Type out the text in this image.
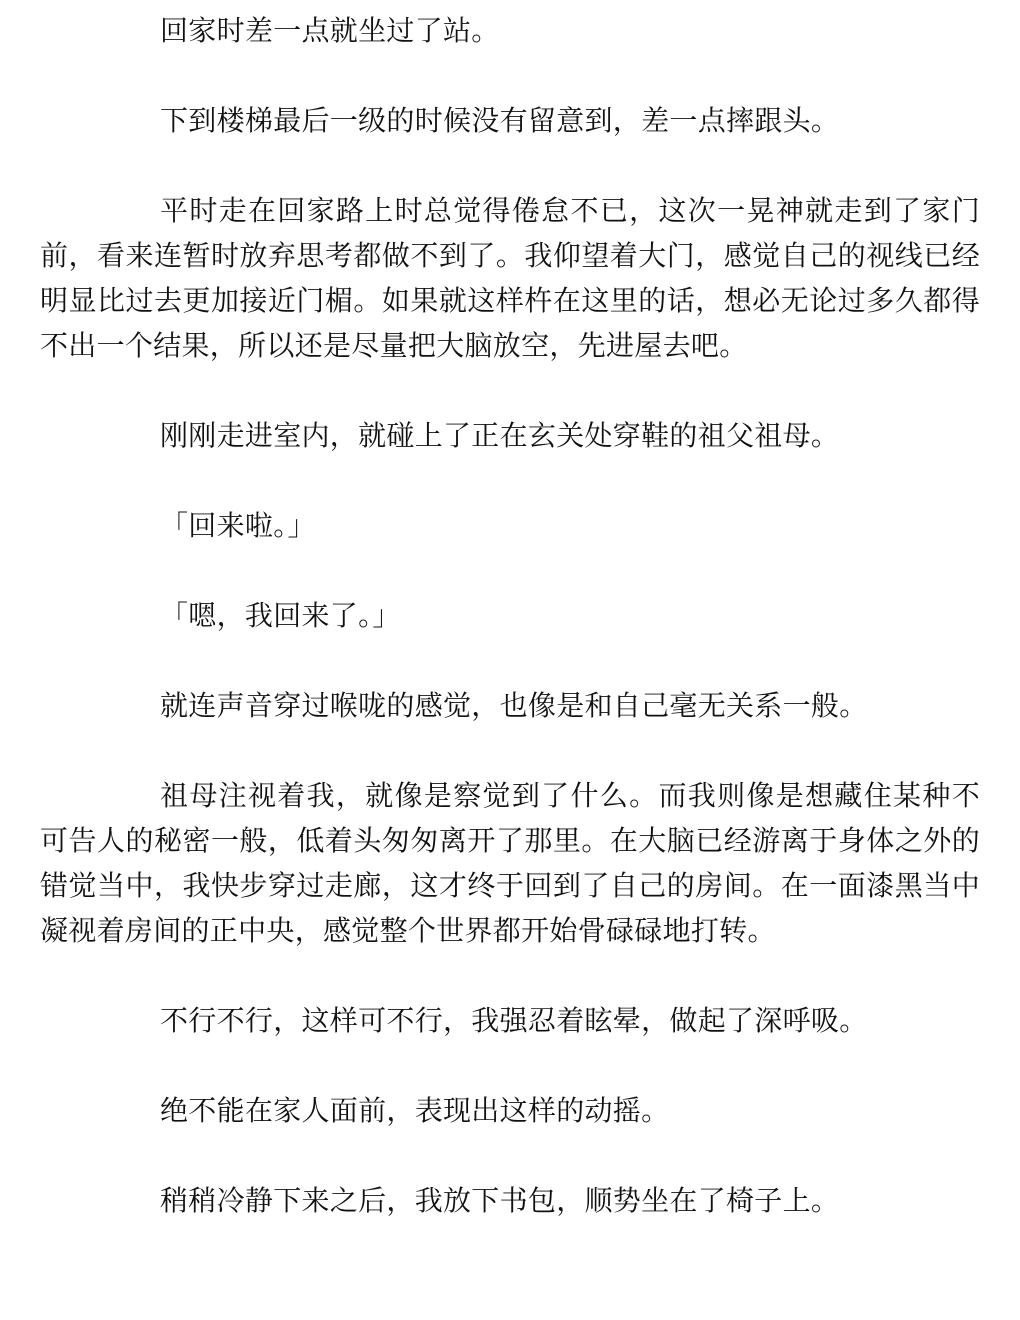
回家时差一点就坐过了站。

下到楼梯最后一级的时候没有留意到，差一点摔跟头。

平时走在回家路上时总觉得倦怠不已，这次一晃神就走到了家门前，看来连暂时放弃思考都做不到了。我仰望着大门，感觉自己的视线已经明显比过去更加接近门楣。如果就这样杵在这里的话，想必无论过多久都得不出一个结果，所以还是尽量把大脑放空，先进屋去吧。

刚刚走进室内，就碰上了正在玄关处穿鞋的祖父祖母。

「回来啦。」

「嗯，我回来了。」

就连声音穿过喉咙的感觉，也像是和自己毫无关系一般。

祖母注视着我，就像是察觉到了什么。而我则像是想藏住某种不可告人的秘密一般，低着头匆匆离开了那里。在大脑已经游离于身体之外的错觉当中，我快步穿过走廊，这才终于回到了自己的房间。在一面漆黑当中凝视着房间的正中央，感觉整个世界都开始骨碌碌地打转。

不行不行，这样可不行，我强忍着眩晕，做起了深呼吸。

绝不能在家人面前，表现出这样的动摇。

稍稍冷静下来之后，我放下书包，顺势坐在了椅子上。
